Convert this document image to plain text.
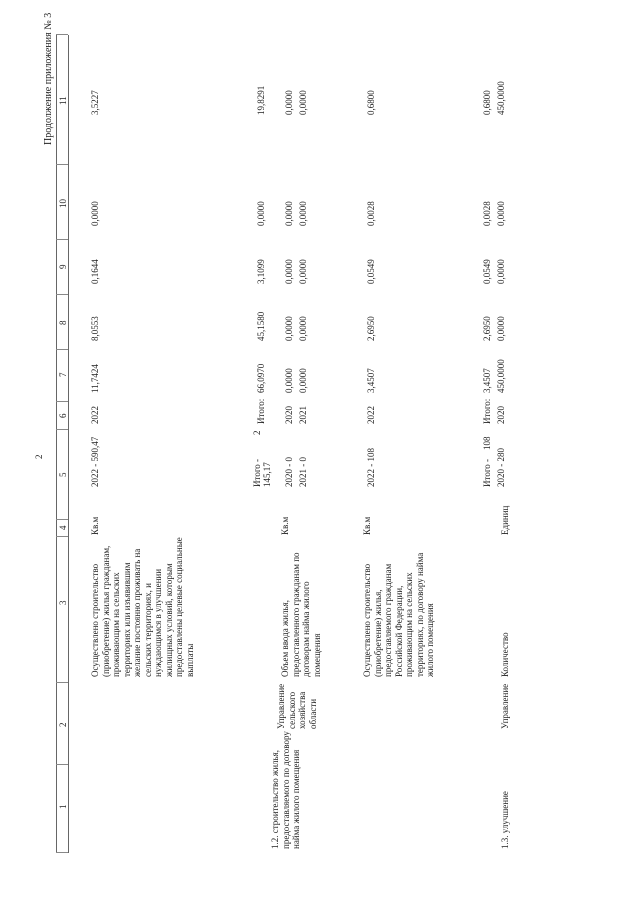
2
Продолжение приложения № 3
1
2
3
4
5
6
7
8
9
10
11
Осуществлено строительство (приобретение) жилья гражданам, проживающим на сельских территориях или изъявившим желание постоянно проживать на сельских территориях, и нуждающимся в улучшении жилищных условий, которым предоставлены целевые социальные выплаты
Кв.м
2022 - 590,47
2022
11,7424
8,0553
0,1644
0,0000
3,5227
Итого - 145,17
2
Итого:
66,0970
45,1580
3,1099
0,0000
19,8291
1.2. строительство жилья, предоставляемого по договору найма жилого помещения
Управление сельского хозяйства области
Объем ввода жилья, предоставленного гражданам по договорам найма жилого помещения
Кв.м
2020 - 0
2020
0,0000
0,0000
0,0000
0,0000
0,0000
2021 - 0
2021
0,0000
0,0000
0,0000
0,0000
0,0000
Осуществлено строительство (приобретение) жилья, предоставляемого гражданам Российской Федерации, проживающим на сельских территориях, по договору найма жилого помещения
Кв.м
2022 - 108
2022
3,4507
2,6950
0,0549
0,0028
0,6800
Итого -
108
Итого:
3,4507
2,6950
0,0549
0,0028
0,6800
1.3. улучшение
Управление
Количество
Единиц
2020 - 280
2020
450,0000
0,0000
0,0000
0,0000
450,0000
